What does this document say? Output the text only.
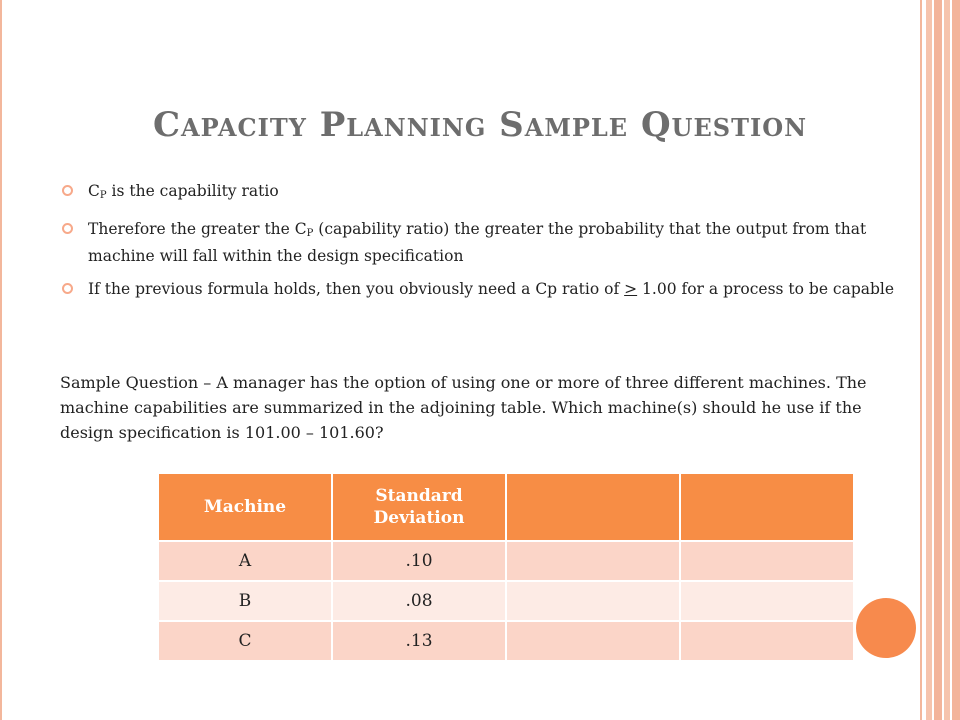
Capacity Planning Sample Question
$C_P$ is the capability ratio
Therefore the greater the $C_P$ (capability ratio) the greater the probability that the output from that machine will fall within the design specification
If the previous formula holds, then you obviously need a Cp ratio of > 1.00 for a process to be capable

Sample Question – A manager has the option of using one or more of three different machines. The machine capabilities are summarized in the adjoining table. Which machine(s) should he use if the design specification is 101.00 – 101.60?

Machine	Standard Deviation		
A	.10		
B	.08		
C	.13		
